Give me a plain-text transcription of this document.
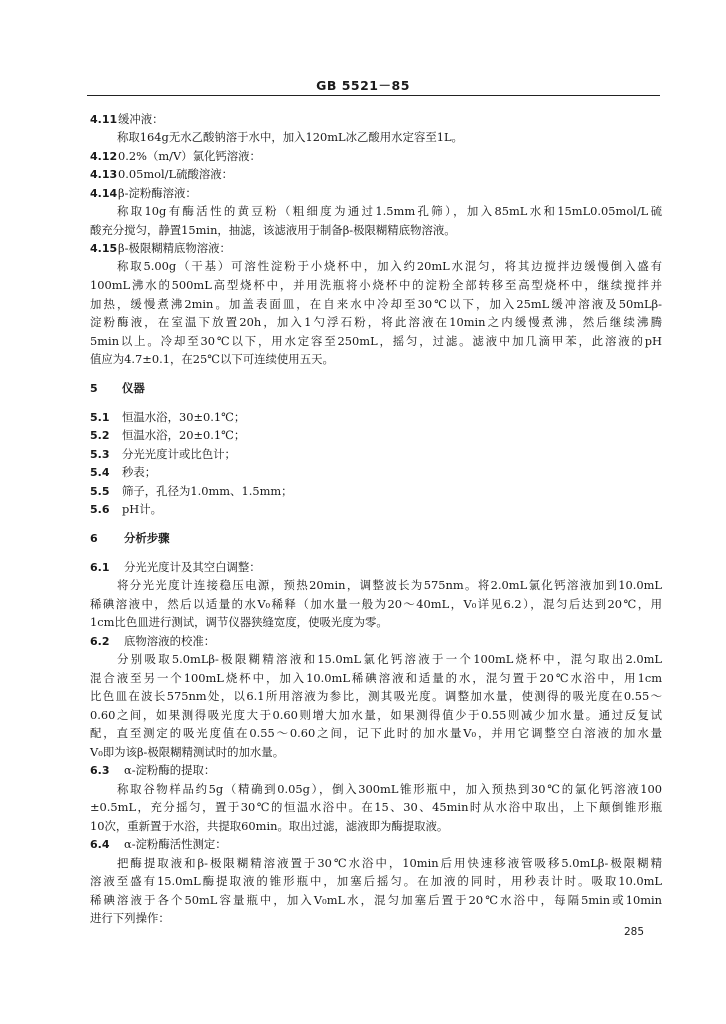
GB 5521－85
4.11缓冲液：
称取164g无水乙酸钠溶于水中，加入120mL冰乙酸用水定容至1L。
4.120.2%（m/V）氯化钙溶液：
4.130.05mol/L硫酸溶液：
4.14β-淀粉酶溶液：
称取10g有酶活性的黄豆粉（粗细度为通过1.5mm孔筛），加入85mL水和15mL0.05mol/L硫
酸充分搅匀，静置15min，抽滤，该滤液用于制备β-极限糊精底物溶液。
4.15β-极限糊精底物溶液：
称取5.00g（干基）可溶性淀粉于小烧杯中，加入约20mL水混匀，将其边搅拌边缓慢倒入盛有
100mL沸水的500mL高型烧杯中，并用洗瓶将小烧杯中的淀粉全部转移至高型烧杯中，继续搅拌并
加热，缓慢煮沸2min。加盖表面皿，在自来水中冷却至30℃以下，加入25mL缓冲溶液及50mLβ-
淀粉酶液，在室温下放置20h，加入1勺浮石粉，将此溶液在10min之内缓慢煮沸，然后继续沸腾
5min以上。冷却至30℃以下，用水定容至250mL，摇匀，过滤。滤液中加几滴甲苯，此溶液的pH
值应为4.7±0.1，在25℃以下可连续使用五天。
5 仪器
5.1 恒温水浴，30±0.1℃；
5.2 恒温水浴，20±0.1℃；
5.3 分光光度计或比色计；
5.4 秒表；
5.5 筛子，孔径为1.0mm、1.5mm；
5.6 pH计。
6 分析步骤
6.1 分光光度计及其空白调整：
将分光光度计连接稳压电源，预热20min，调整波长为575nm。将2.0mL氯化钙溶液加到10.0mL
稀碘溶液中，然后以适量的水V₀稀释（加水量一般为20～40mL，V₀详见6.2），混匀后达到20℃，用
1cm比色皿进行测试，调节仪器狭缝宽度，使吸光度为零。
6.2 底物溶液的校准：
分别吸取5.0mLβ-极限糊精溶液和15.0mL氯化钙溶液于一个100mL烧杯中，混匀取出2.0mL
混合液至另一个100mL烧杯中，加入10.0mL稀碘溶液和适量的水，混匀置于20℃水浴中，用1cm
比色皿在波长575nm处，以6.1所用溶液为参比，测其吸光度。调整加水量，使测得的吸光度在0.55～
0.60之间，如果测得吸光度大于0.60则增大加水量，如果测得值少于0.55则减少加水量。通过反复试
配，直至测定的吸光度值在0.55～0.60之间，记下此时的加水量V₀，并用它调整空白溶液的加水量
V₀即为该β-极限糊精测试时的加水量。
6.3 α-淀粉酶的提取：
称取谷物样品约5g（精确到0.05g），倒入300mL锥形瓶中，加入预热到30℃的氯化钙溶液100
±0.5mL，充分摇匀，置于30℃的恒温水浴中。在15、30、45min时从水浴中取出，上下颠倒锥形瓶
10次，重新置于水浴，共提取60min。取出过滤，滤液即为酶提取液。
6.4 α-淀粉酶活性测定：
把酶提取液和β-极限糊精溶液置于30℃水浴中，10min后用快速移液管吸移5.0mLβ-极限糊精
溶液至盛有15.0mL酶提取液的锥形瓶中，加塞后摇匀。在加液的同时，用秒表计时。吸取10.0mL
稀碘溶液于各个50mL容量瓶中，加入V₀mL水，混匀加塞后置于20℃水浴中，每隔5min或10min
进行下列操作：
285
